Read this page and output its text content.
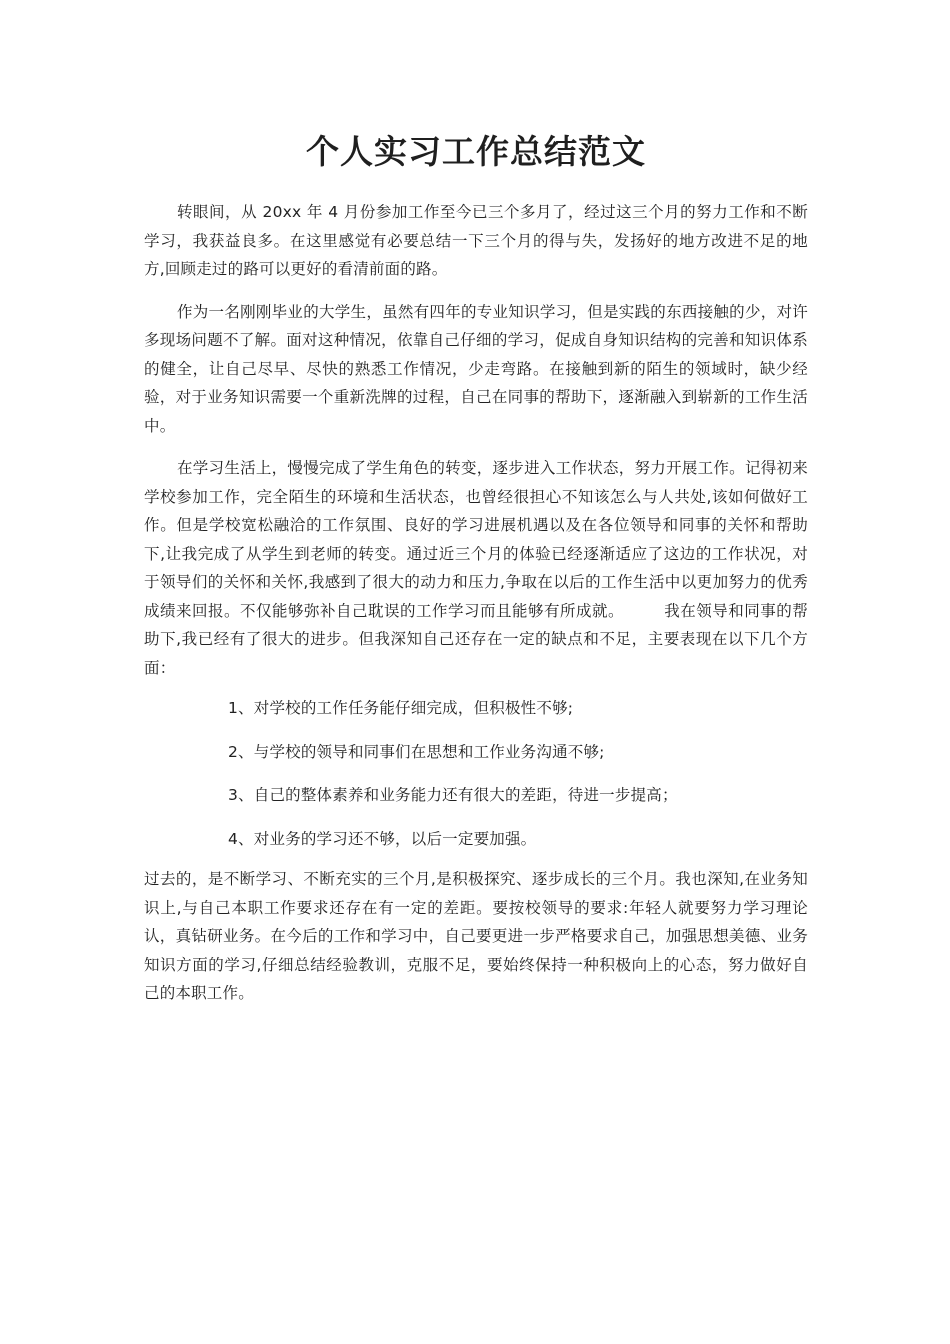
个人实习工作总结范文

转眼间，从 20xx 年 4 月份参加工作至今已三个多月了，经过这三个月的努力工作和不断学习，我获益良多。在这里感觉有必要总结一下三个月的得与失，发扬好的地方改进不足的地方,回顾走过的路可以更好的看清前面的路。

作为一名刚刚毕业的大学生，虽然有四年的专业知识学习，但是实践的东西接触的少，对许多现场问题不了解。面对这种情况，依靠自己仔细的学习，促成自身知识结构的完善和知识体系的健全，让自己尽早、尽快的熟悉工作情况，少走弯路。在接触到新的陌生的领域时，缺少经验，对于业务知识需要一个重新洗牌的过程，自己在同事的帮助下，逐渐融入到崭新的工作生活中。

在学习生活上，慢慢完成了学生角色的转变，逐步进入工作状态，努力开展工作。记得初来学校参加工作，完全陌生的环境和生活状态，也曾经很担心不知该怎么与人共处,该如何做好工作。但是学校宽松融洽的工作氛围、良好的学习进展机遇以及在各位领导和同事的关怀和帮助下,让我完成了从学生到老师的转变。通过近三个月的体验已经逐渐适应了这边的工作状况，对于领导们的关怀和关怀,我感到了很大的动力和压力,争取在以后的工作生活中以更加努力的优秀成绩来回报。不仅能够弥补自己耽误的工作学习而且能够有所成就。　　　我在领导和同事的帮助下,我已经有了很大的进步。但我深知自己还存在一定的缺点和不足，主要表现在以下几个方面：

1、对学校的工作任务能仔细完成，但积极性不够;
2、与学校的领导和同事们在思想和工作业务沟通不够;
3、自己的整体素养和业务能力还有很大的差距，待进一步提高；
4、对业务的学习还不够，以后一定要加强。

过去的，是不断学习、不断充实的三个月,是积极探究、逐步成长的三个月。我也深知,在业务知识上,与自己本职工作要求还存在有一定的差距。要按校领导的要求:年轻人就要努力学习理论认，真钻研业务。在今后的工作和学习中，自己要更进一步严格要求自己，加强思想美德、业务知识方面的学习,仔细总结经验教训，克服不足，要始终保持一种积极向上的心态，努力做好自己的本职工作。
